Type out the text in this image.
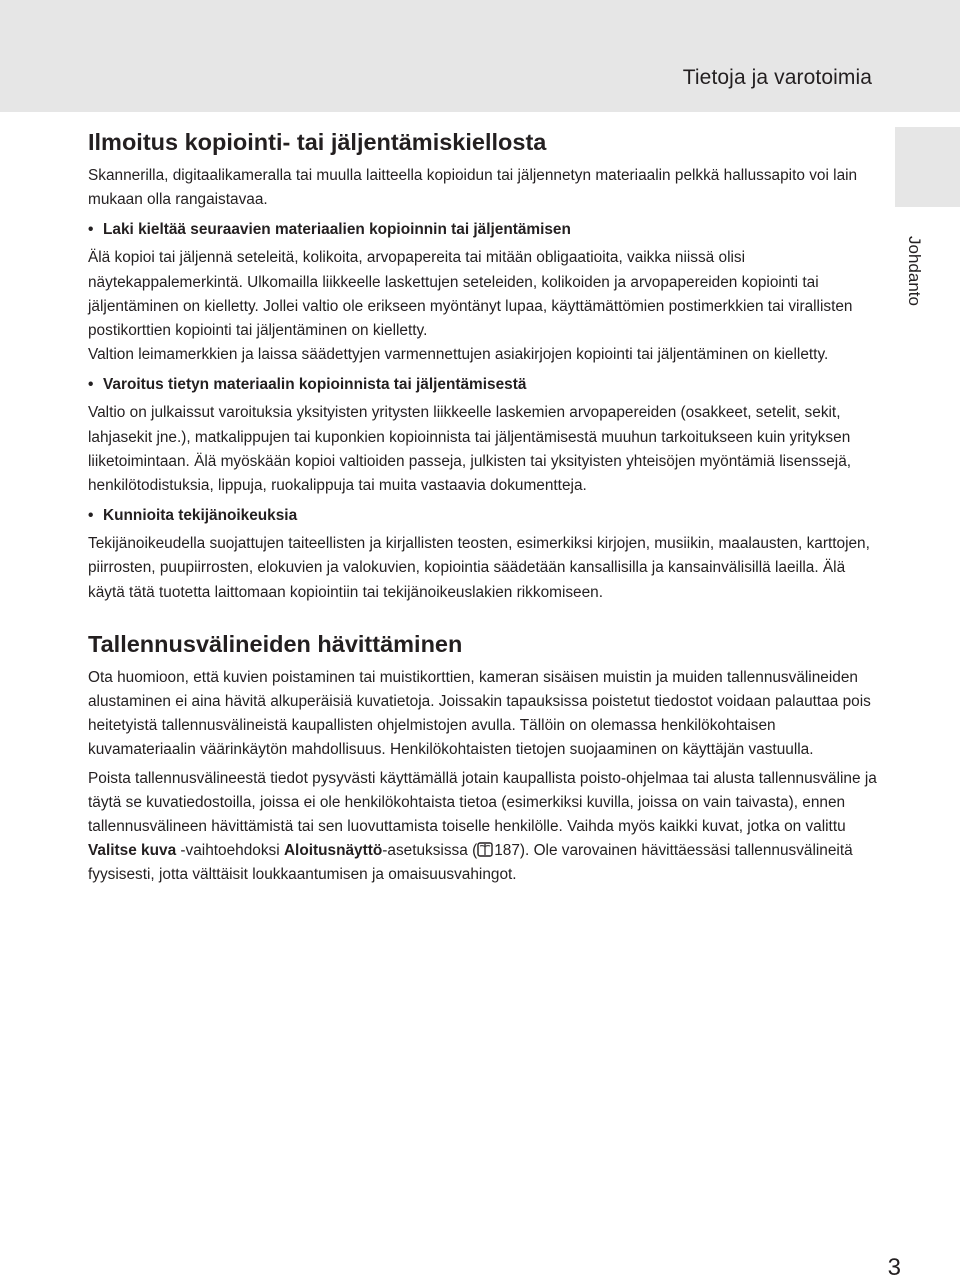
Tietoja ja varotoimia
Johdanto
Ilmoitus kopiointi- tai jäljentämiskiellosta

Skannerilla, digitaalikameralla tai muulla laitteella kopioidun tai jäljennetyn materiaalin pelkkä hallussapito voi lain mukaan olla rangaistavaa.

• Laki kieltää seuraavien materiaalien kopioinnin tai jäljentämisen

Älä kopioi tai jäljennä seteleitä, kolikoita, arvopapereita tai mitään obligaatioita, vaikka niissä olisi näytekappalemerkintä. Ulkomailla liikkeelle laskettujen seteleiden, kolikoiden ja arvopapereiden kopiointi tai jäljentäminen on kielletty. Jollei valtio ole erikseen myöntänyt lupaa, käyttämättömien postimerkkien tai virallisten postikorttien kopiointi tai jäljentäminen on kielletty.

Valtion leimamerkkien ja laissa säädettyjen varmennettujen asiakirjojen kopiointi tai jäljentäminen on kielletty.

• Varoitus tietyn materiaalin kopioinnista tai jäljentämisestä

Valtio on julkaissut varoituksia yksityisten yritysten liikkeelle laskemien arvopapereiden (osakkeet, setelit, sekit, lahjasekit jne.), matkalippujen tai kuponkien kopioinnista tai jäljentämisestä muuhun tarkoitukseen kuin yrityksen liiketoimintaan. Älä myöskään kopioi valtioiden passeja, julkisten tai yksityisten yhteisöjen myöntämiä lisenssejä, henkilötodistuksia, lippuja, ruokalippuja tai muita vastaavia dokumentteja.

• Kunnioita tekijänoikeuksia

Tekijänoikeudella suojattujen taiteellisten ja kirjallisten teosten, esimerkiksi kirjojen, musiikin, maalausten, karttojen, piirrosten, puupiirrosten, elokuvien ja valokuvien, kopiointia säädetään kansallisilla ja kansainvälisillä laeilla. Älä käytä tätä tuotetta laittomaan kopiointiin tai tekijänoikeuslakien rikkomiseen.

Tallennusvälineiden hävittäminen

Ota huomioon, että kuvien poistaminen tai muistikorttien, kameran sisäisen muistin ja muiden tallennusvälineiden alustaminen ei aina hävitä alkuperäisiä kuvatietoja. Joissakin tapauksissa poistetut tiedostot voidaan palauttaa pois heitetyistä tallennusvälineistä kaupallisten ohjelmistojen avulla. Tällöin on olemassa henkilökohtaisen kuvamateriaalin väärinkäytön mahdollisuus. Henkilökohtaisten tietojen suojaaminen on käyttäjän vastuulla.

Poista tallennusvälineestä tiedot pysyvästi käyttämällä jotain kaupallista poisto-ohjelmaa tai alusta tallennusväline ja täytä se kuvatiedostoilla, joissa ei ole henkilökohtaista tietoa (esimerkiksi kuvilla, joissa on vain taivasta), ennen tallennusvälineen hävittämistä tai sen luovuttamista toiselle henkilölle. Vaihda myös kaikki kuvat, jotka on valittu Valitse kuva -vaihtoehdoksi Aloitusnäyttö-asetuksissa ( 187). Ole varovainen hävittäessäsi tallennusvälineitä fyysisesti, jotta välttäisit loukkaantumisen ja omaisuusvahingot.

3
